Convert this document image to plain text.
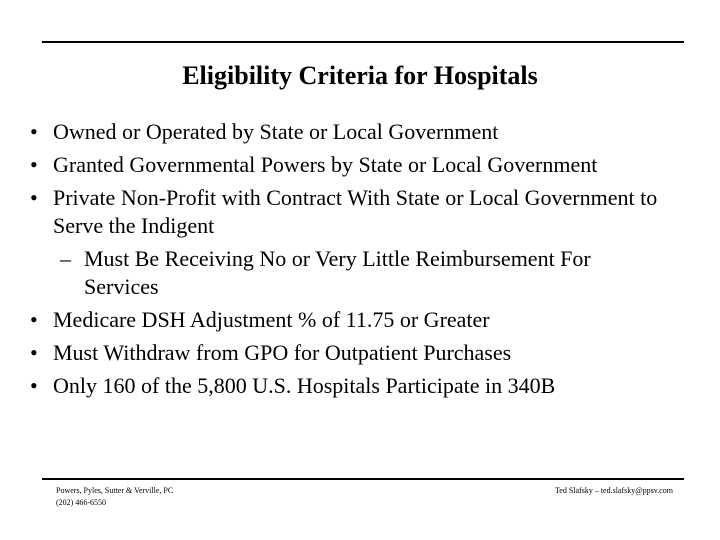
Eligibility Criteria for Hospitals
• Owned or Operated by State or Local Government
• Granted Governmental Powers by State or Local Government
• Private Non-Profit with Contract With State or Local Government to Serve the Indigent
– Must Be Receiving No or Very Little Reimbursement For Services
• Medicare DSH Adjustment % of 11.75 or Greater
• Must Withdraw from GPO for Outpatient Purchases
• Only 160 of the 5,800 U.S. Hospitals Participate in 340B
Powers, Pyles, Sutter & Verville, PC
(202) 466-6550
Ted Slafsky – ted.slafsky@ppsv.com
